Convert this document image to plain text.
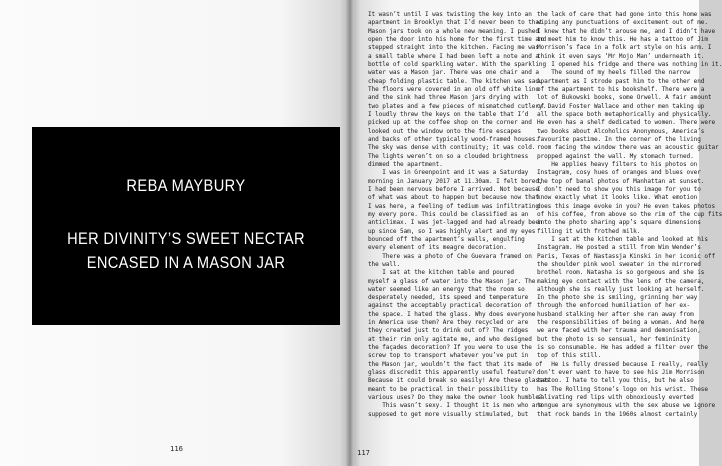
REBA MAYBURY
HER DIVINITY’S SWEET NECTAR
ENCASED IN A MASON JAR
116
It wasn’t until I was twisting the key into an
apartment in Brooklyn that I’d never been to that
Mason jars took on a whole new meaning. I pushed
open the door into his home for the first time and
stepped straight into the kitchen. Facing me was
a small table where I had been left a note and a
bottle of cold sparkling water. With the sparkling
water was a Mason jar. There was one chair and a
cheap folding plastic table. The kitchen was sad.
The floors were covered in an old off white lino
and the sink had three Mason jars drying with
two plates and a few pieces of mismatched cutlery.
I loudly threw the keys on the table that I’d
picked up at the coffee shop on the corner and
looked out the window onto the fire escapes
and backs of other typically wood-framed houses.
The sky was dense with continuity; it was cold.
The lights weren’t on so a clouded brightness
dimmed the apartment.
I was in Greenpoint and it was a Saturday
morning in January 2017 at 11.30am. I felt bored,
I had been nervous before I arrived. Not because
of what was about to happen but because now that
I was here, a feeling of tedium was infiltrating
my every pore. This could be classified as an
anticlimax. I was jet-lagged and had already been
up since 5am, so I was highly alert and my eyes
bounced off the apartment’s walls, engulfing
every element of its meagre decoration.
There was a photo of Che Guevara framed on
the wall.
I sat at the kitchen table and poured
myself a glass of water into the Mason jar. The
water seemed like an energy that the room so
desperately needed, its speed and temperature
against the acceptably practical decoration of
the space. I hated the glass. Why does everyone
in America use them? Are they recycled or are
they created just to drink out of? The ridges
at their rim only agitate me, and who designed
the façades decoration? If you were to use the
screw top to transport whatever you’ve put in
the Mason jar, wouldn’t the fact that its made of
glass discredit this apparently useful feature?
Because it could break so easily! Are these glasses
meant to be practical in their possibility to
various uses? Do they make the owner look humble?
This wasn’t sexy. I thought it is men who are
supposed to get more visually stimulated, but
the lack of care that had gone into this home was
wiping any punctuations of excitement out of me.
I knew that he didn’t arouse me, and I didn’t have
to meet him to know this. He has a tattoo of Jim
Morrison’s face in a folk art style on his arm. I
think it even says ‘Mr Mojo Man’ underneath it.
I opened his fridge and there was nothing in it.
The sound of my heels filled the narrow
apartment as I strode past him to the other end
of the apartment to his bookshelf. There were a
lot of Bukowski books, some Orwell. A fair amount
of David Foster Wallace and other men taking up
all the space both metaphorically and physically.
He even has a shelf dedicated to women. There were
two books about Alcoholics Anonymous, America’s
favourite pastime. In the corner of the living
room facing the window there was an acoustic guitar
propped against the wall. My stomach turned.
He applies heavy filters to his photos on
Instagram, cosy hues of oranges and blues over
the top of banal photos of Manhattan at sunset.
I don’t need to show you this image for you to
know exactly what it looks like. What emotion
does this image evoke in you? He even takes photos
of his coffee, from above so the rim of the cup fits
into the photo sharing app’s square dimensions
filling it with frothed milk.
I sat at the kitchen table and looked at his
Instagram. He posted a still from Wim Wender’s
Paris, Texas of Nastassja Kinski in her iconic off
the shoulder pink wool sweater in the mirrored
brothel room. Natasha is so gorgeous and she is
making eye contact with the lens of the camera,
although she is really just looking at herself.
In the photo she is smiling, grinning her way
through the enforced humiliation of her ex-
husband stalking her after she ran away from
the responsibilities of being a woman. And here
we are faced with her trauma and demonisation,
but the photo is so sensual, her femininity
is so consumable. He has added a filter over the
top of this still.
He is fully dressed because I really, really
don’t ever want to have to see his Jim Morrison
tattoo. I hate to tell you this, but he also
has The Rolling Stone’s logo on his wrist. These
salivating red lips with obnoxiously everted
tongue are synonymous with the sex abuse we ignore
that rock bands in the 1960s almost certainly
117
